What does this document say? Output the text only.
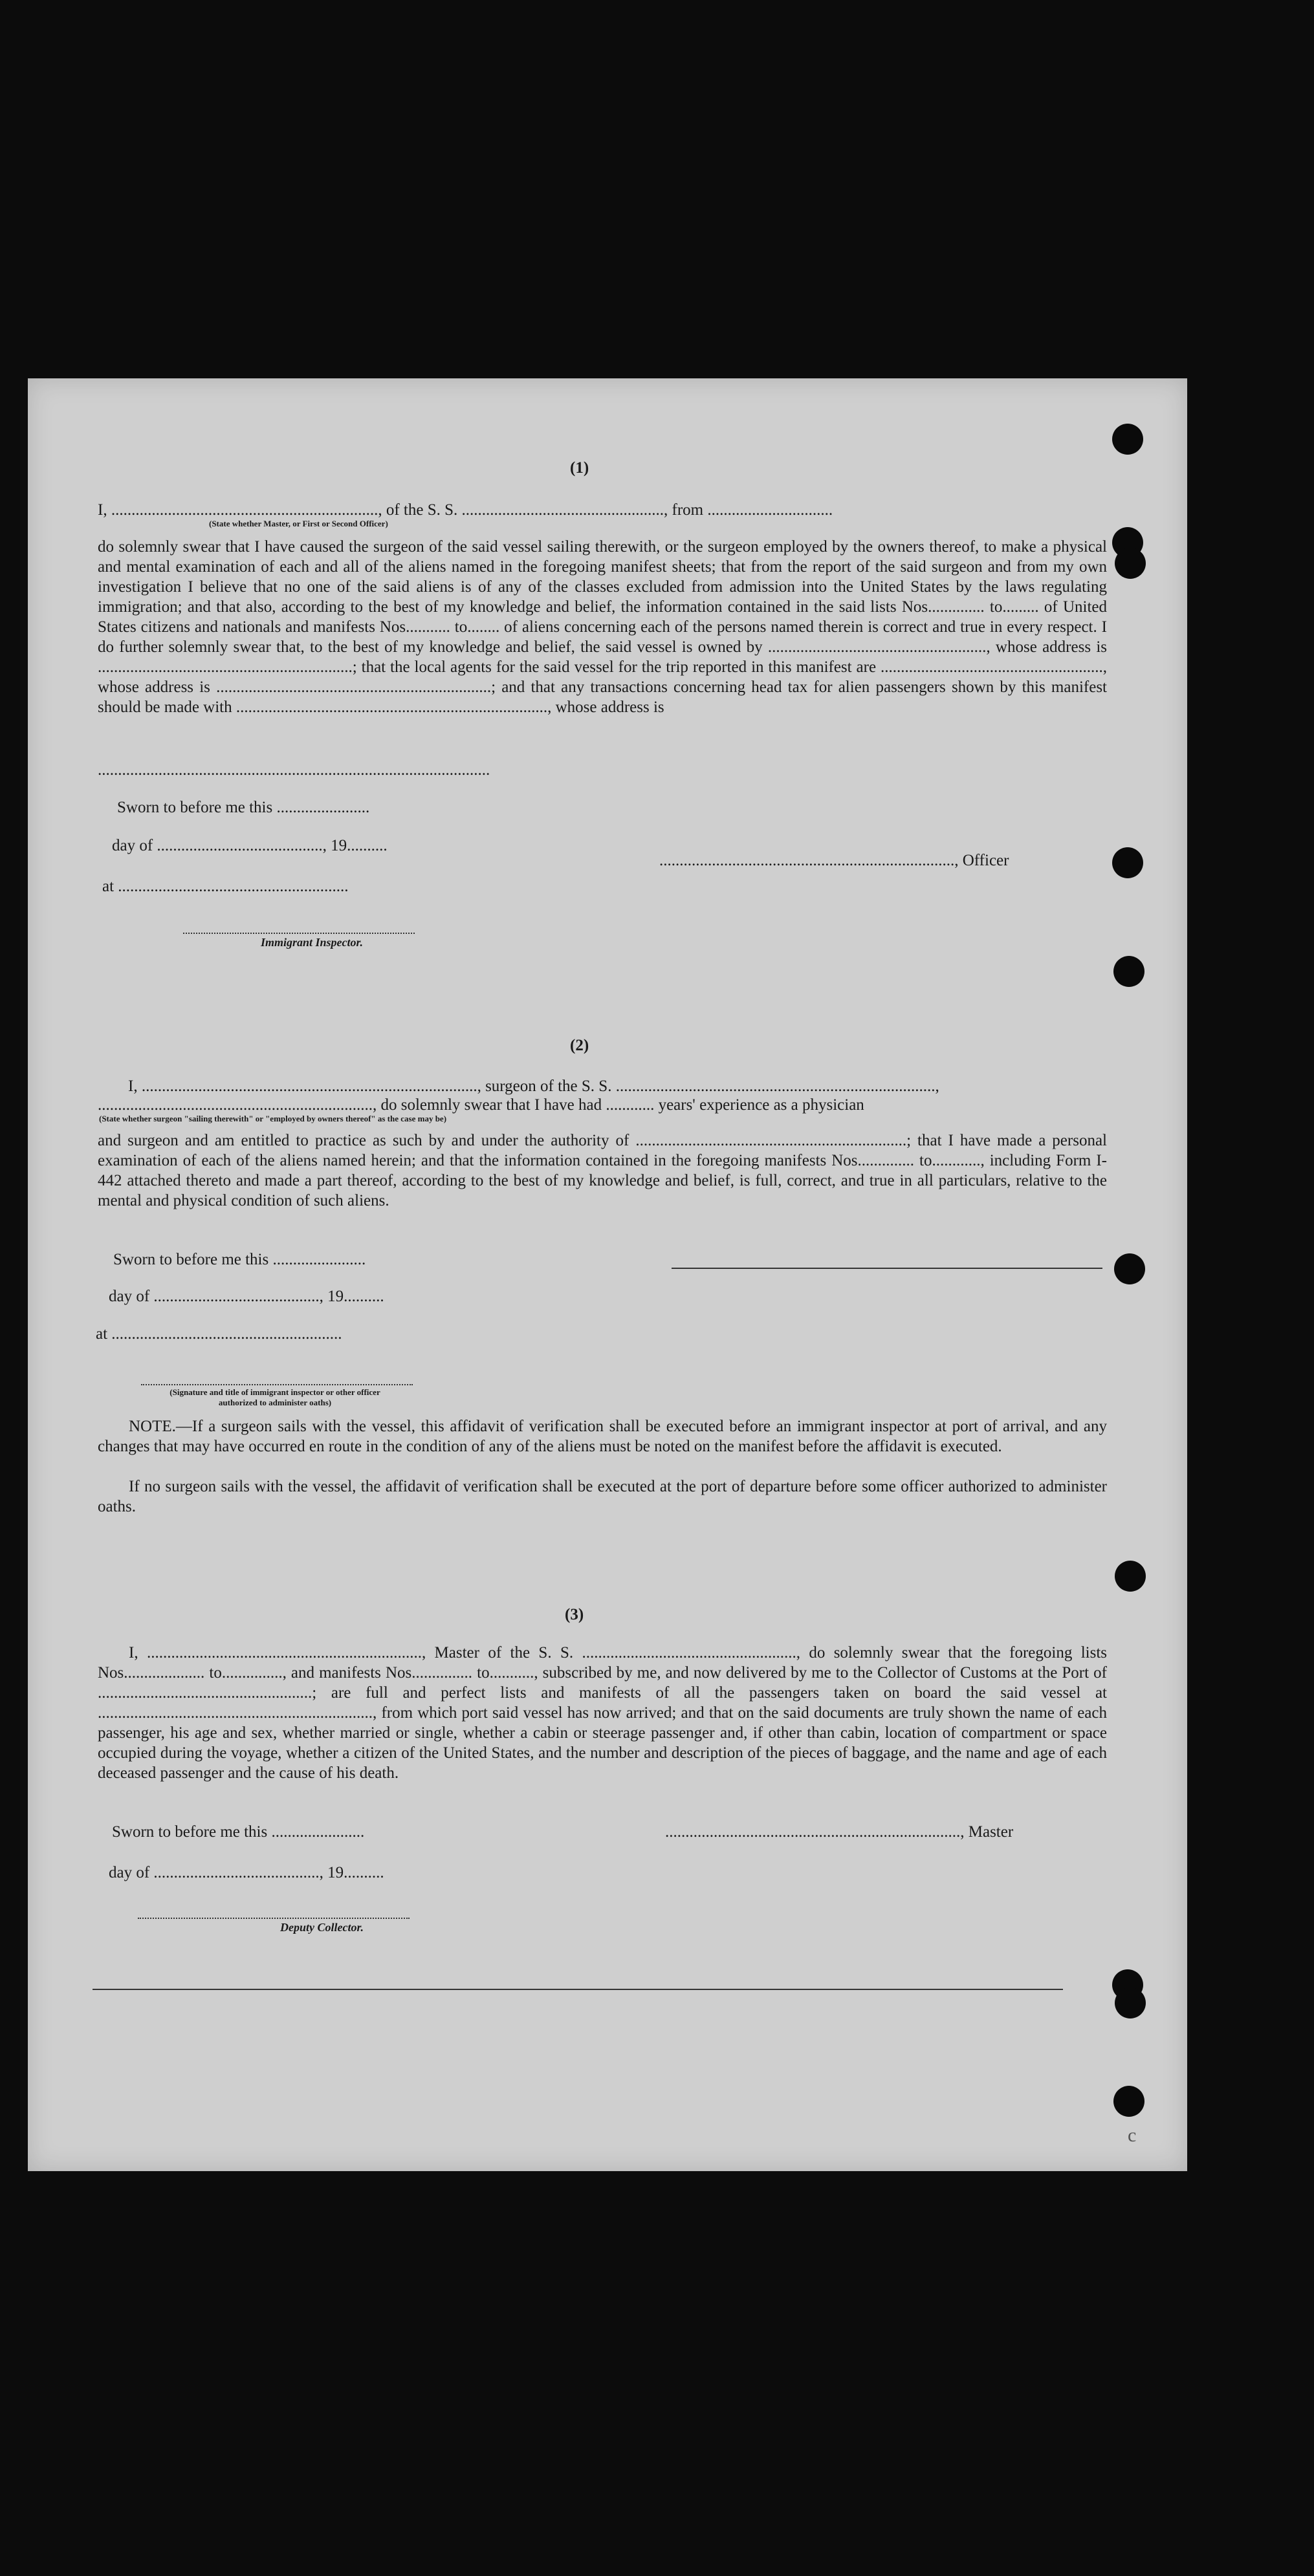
(1)
I, .................................................................., of the S. S. .................................................., from ...............................
(State whether Master, or First or Second Officer)
do solemnly swear that I have caused the surgeon of the said vessel sailing therewith, or the surgeon employed by the owners thereof, to make a physical and mental examination of each and all of the aliens named in the foregoing manifest sheets; that from the report of the said surgeon and from my own investigation I believe that no one of the said aliens is of any of the classes excluded from admission into the United States by the laws regulating immigration; and that also, according to the best of my knowledge and belief, the information contained in the said lists Nos.............. to......... of United States citizens and nationals and manifests Nos........... to........ of aliens concerning each of the persons named therein is correct and true in every respect. I do further solemnly swear that, to the best of my knowledge and belief, the said vessel is owned by ......................................................, whose address is ...............................................................; that the local agents for the said vessel for the trip reported in this manifest are ......................................................., whose address is ....................................................................; and that any transactions concerning head tax for alien passengers shown by this manifest should be made with ............................................................................., whose address is
.................................................................................................
Sworn to before me this .......................
........................................................................., Officer
day of ........................................., 19..........
at .........................................................
Immigrant Inspector.
(2)
I, ..................................................................................., surgeon of the S. S. ...............................................................................,
...................................................................., do solemnly swear that I have had ............ years' experience as a physician
(State whether surgeon "sailing therewith" or "employed by owners thereof" as the case may be)
and surgeon and am entitled to practice as such by and under the authority of ...................................................................; that I have made a personal examination of each of the aliens named herein; and that the information contained in the foregoing manifests Nos.............. to............, including Form I-442 attached thereto and made a part thereof, according to the best of my knowledge and belief, is full, correct, and true in all particulars, relative to the mental and physical condition of such aliens.
Sworn to before me this .......................
day of ........................................., 19..........
at .........................................................
(Signature and title of immigrant inspector or other officer authorized to administer oaths)
NOTE.—If a surgeon sails with the vessel, this affidavit of verification shall be executed before an immigrant inspector at port of arrival, and any changes that may have occurred en route in the condition of any of the aliens must be noted on the manifest before the affidavit is executed.
If no surgeon sails with the vessel, the affidavit of verification shall be executed at the port of departure before some officer authorized to administer oaths.
(3)
I, ...................................................................., Master of the S. S. ....................................................., do solemnly swear that the foregoing lists Nos.................... to..............., and manifests Nos............... to..........., subscribed by me, and now delivered by me to the Collector of Customs at the Port of .....................................................; are full and perfect lists and manifests of all the passengers taken on board the said vessel at ...................................................................., from which port said vessel has now arrived; and that on the said documents are truly shown the name of each passenger, his age and sex, whether married or single, whether a cabin or steerage passenger and, if other than cabin, location of compartment or space occupied during the voyage, whether a citizen of the United States, and the number and description of the pieces of baggage, and the name and age of each deceased passenger and the cause of his death.
Sworn to before me this .......................	........................................................................., Master
day of ........................................., 19..........
Deputy Collector.
c
